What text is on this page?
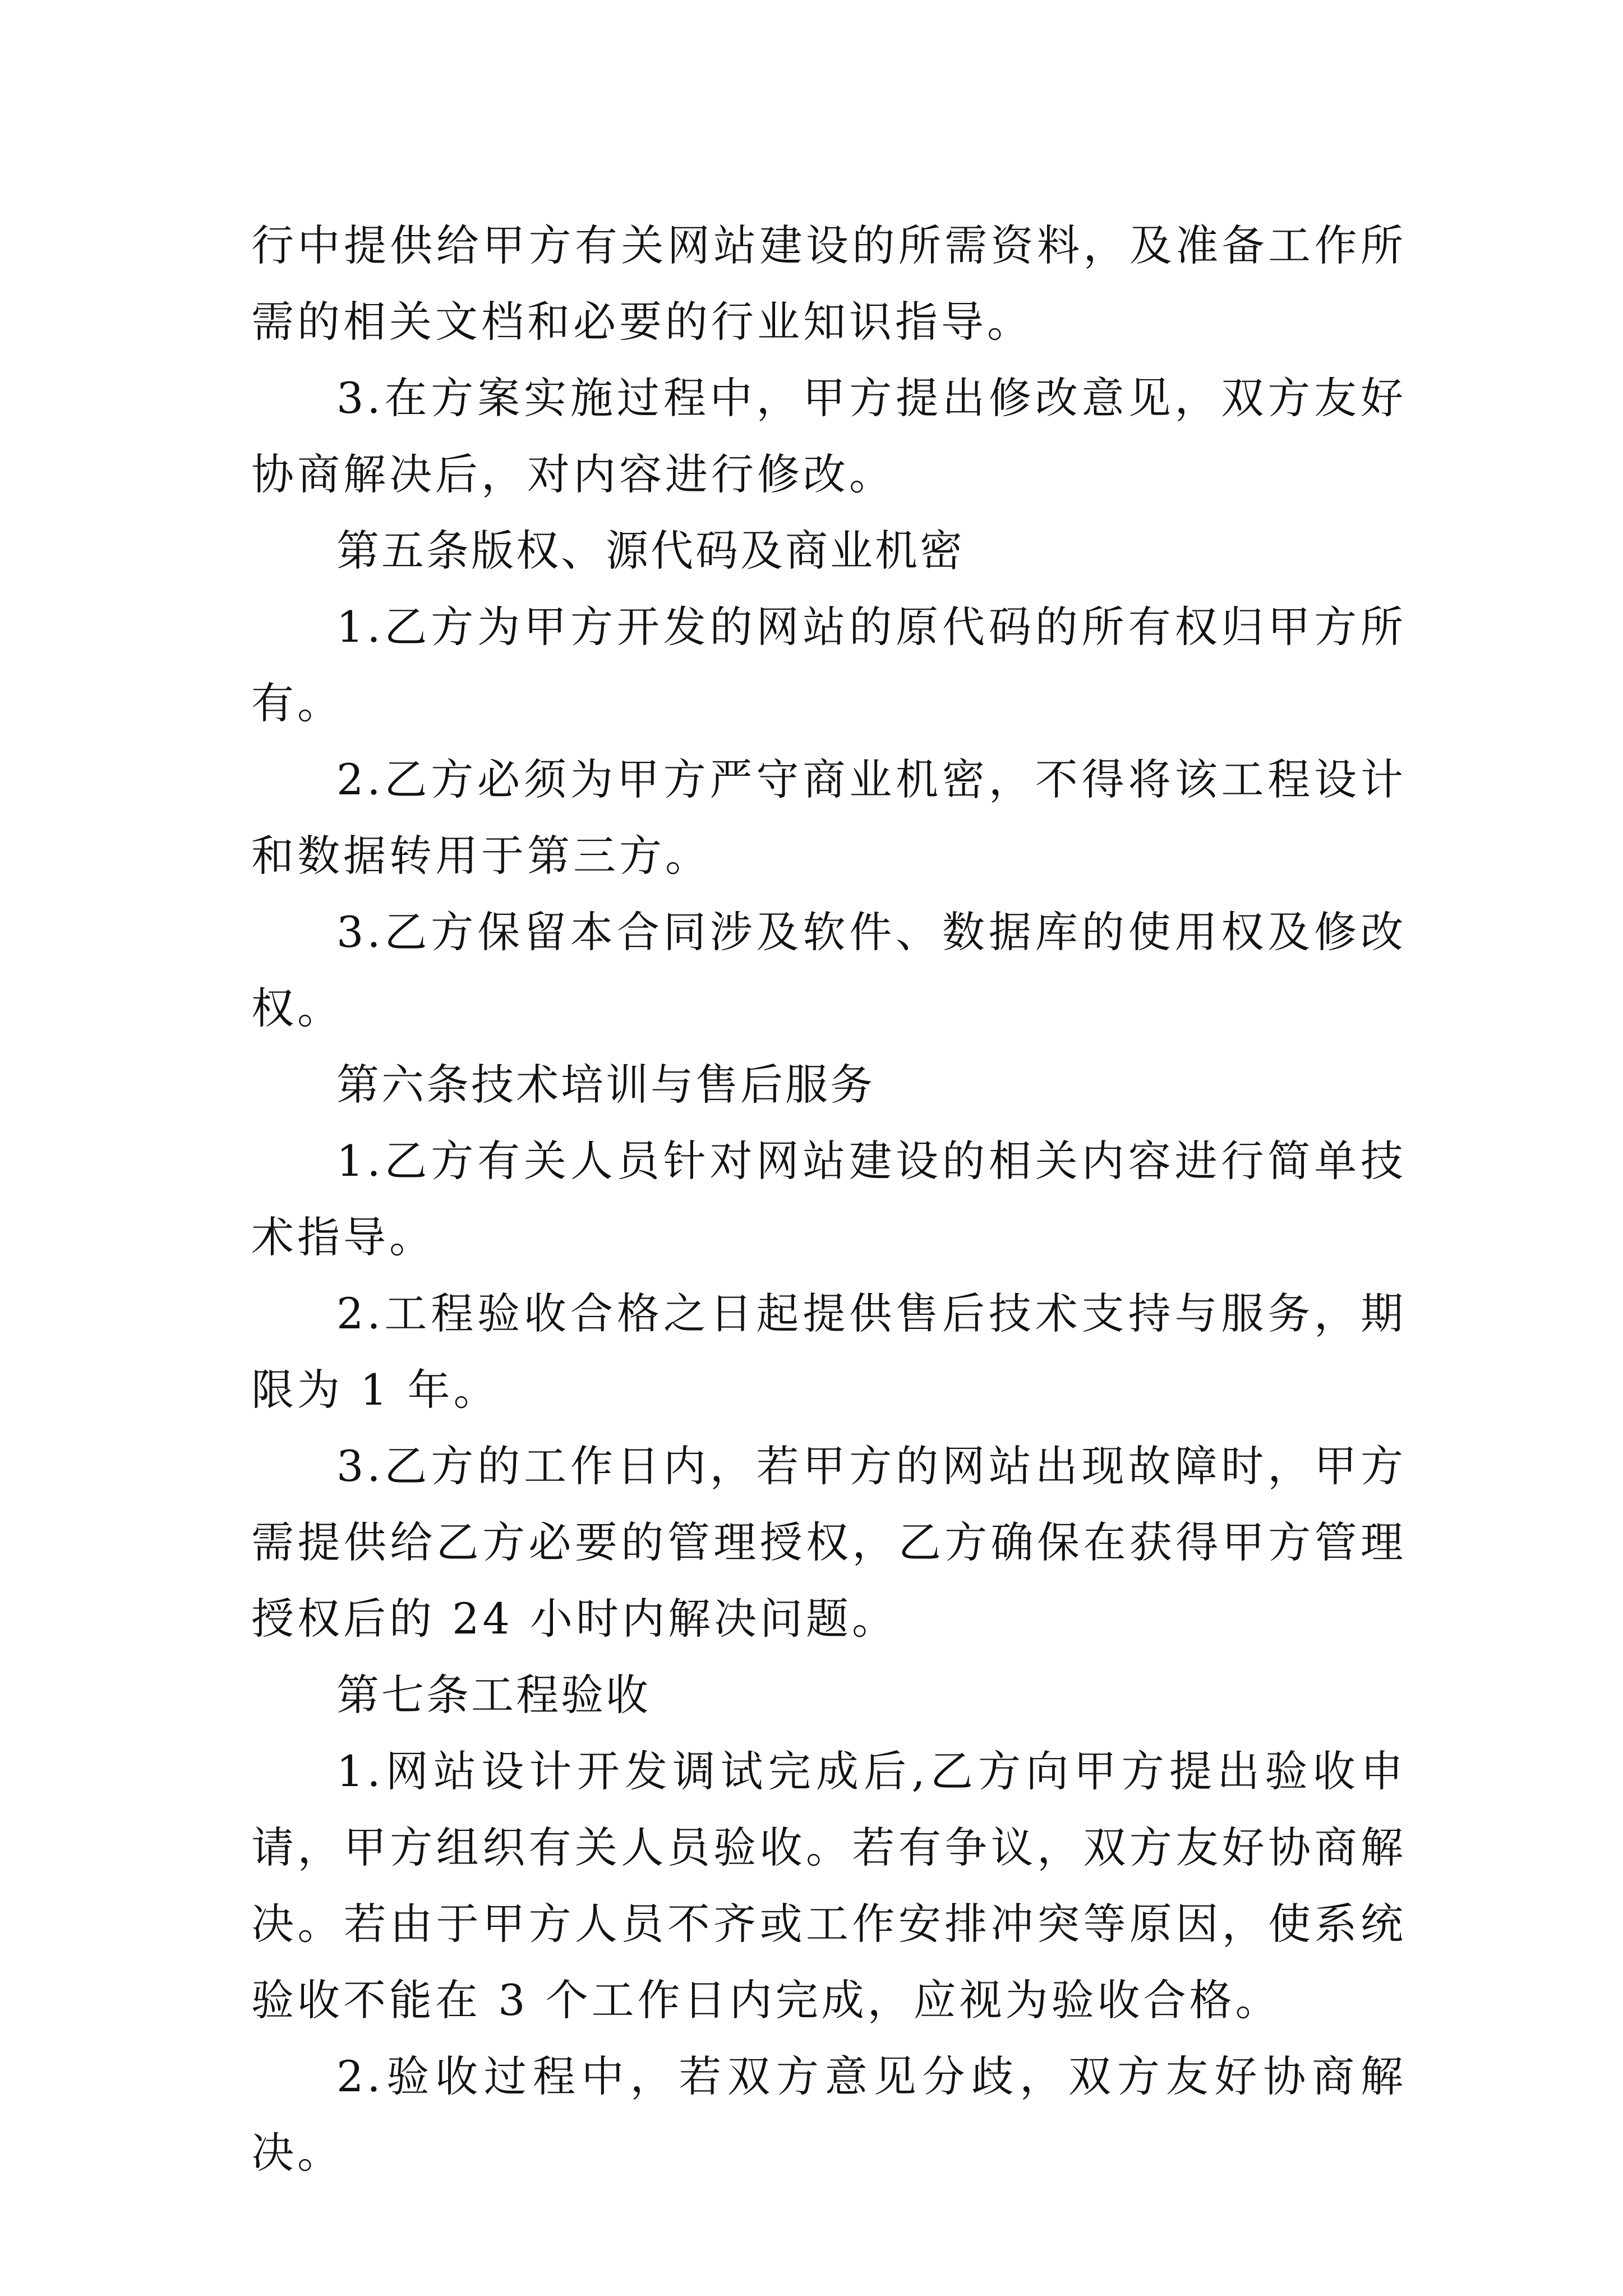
行中提供给甲方有关网站建设的所需资料，及准备工作所需的相关文档和必要的行业知识指导。

3.在方案实施过程中，甲方提出修改意见，双方友好协商解决后，对内容进行修改。

第五条版权、源代码及商业机密

1.乙方为甲方开发的网站的原代码的所有权归甲方所有。

2.乙方必须为甲方严守商业机密，不得将该工程设计和数据转用于第三方。

3.乙方保留本合同涉及软件、数据库的使用权及修改权。

第六条技术培训与售后服务

1.乙方有关人员针对网站建设的相关内容进行简单技术指导。

2.工程验收合格之日起提供售后技术支持与服务，期限为 1 年。

3.乙方的工作日内，若甲方的网站出现故障时，甲方需提供给乙方必要的管理授权，乙方确保在获得甲方管理授权后的 24 小时内解决问题。

第七条工程验收

1.网站设计开发调试完成后,乙方向甲方提出验收申请，甲方组织有关人员验收。若有争议，双方友好协商解决。若由于甲方人员不齐或工作安排冲突等原因，使系统验收不能在 3 个工作日内完成，应视为验收合格。

2.验收过程中，若双方意见分歧，双方友好协商解决。
